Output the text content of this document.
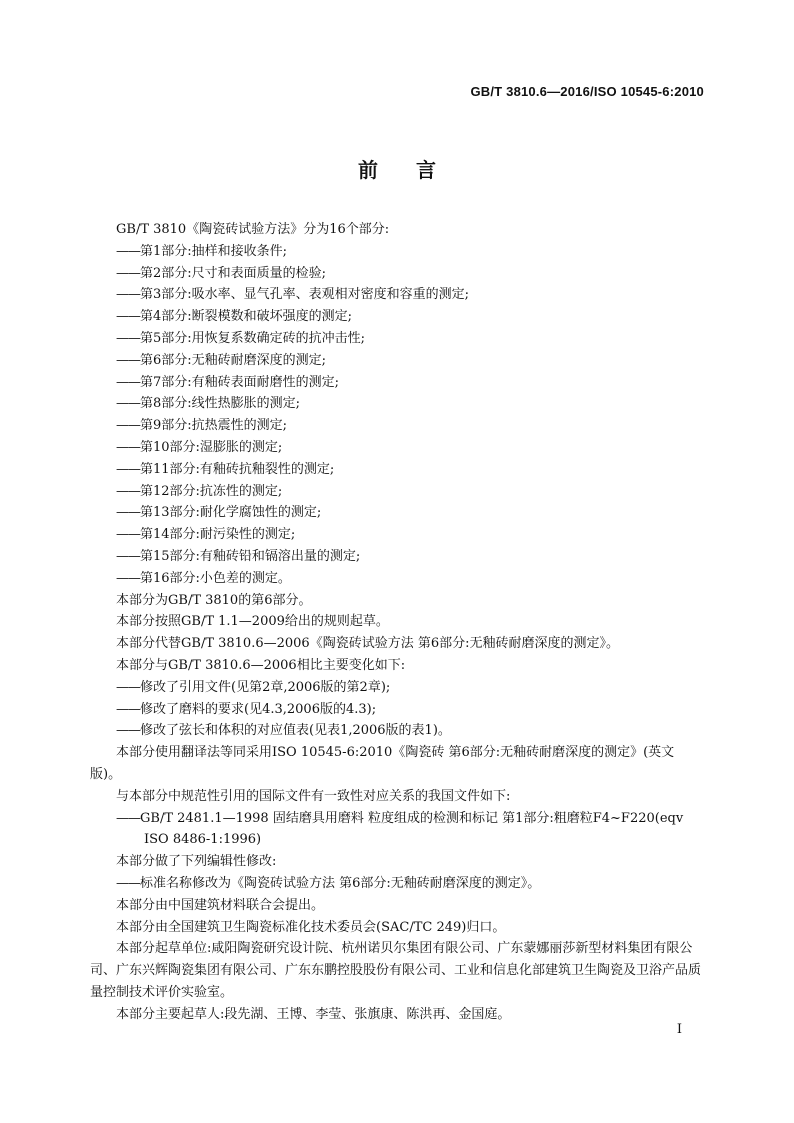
GB/T 3810.6—2016/ISO 10545-6:2010
前言

GB/T 3810《陶瓷砖试验方法》分为16个部分:

——第1部分:抽样和接收条件;

——第2部分:尺寸和表面质量的检验;

——第3部分:吸水率、显气孔率、表观相对密度和容重的测定;

——第4部分:断裂模数和破坏强度的测定;

——第5部分:用恢复系数确定砖的抗冲击性;

——第6部分:无釉砖耐磨深度的测定;

——第7部分:有釉砖表面耐磨性的测定;

——第8部分:线性热膨胀的测定;

——第9部分:抗热震性的测定;

——第10部分:湿膨胀的测定;

——第11部分:有釉砖抗釉裂性的测定;

——第12部分:抗冻性的测定;

——第13部分:耐化学腐蚀性的测定;

——第14部分:耐污染性的测定;

——第15部分:有釉砖铅和镉溶出量的测定;

——第16部分:小色差的测定。

本部分为GB/T 3810的第6部分。

本部分按照GB/T 1.1—2009给出的规则起草。

本部分代替GB/T 3810.6—2006《陶瓷砖试验方法 第6部分:无釉砖耐磨深度的测定》。

本部分与GB/T 3810.6—2006相比主要变化如下:

——修改了引用文件(见第2章,2006版的第2章);

——修改了磨料的要求(见4.3,2006版的4.3);

——修改了弦长和体积的对应值表(见表1,2006版的表1)。

本部分使用翻译法等同采用ISO 10545-6:2010《陶瓷砖 第6部分:无釉砖耐磨深度的测定》(英文版)。

与本部分中规范性引用的国际文件有一致性对应关系的我国文件如下:

——GB/T 2481.1—1998 固结磨具用磨料 粒度组成的检测和标记 第1部分:粗磨粒F4~F220(eqv ISO 8486-1:1996)

本部分做了下列编辑性修改:

——标准名称修改为《陶瓷砖试验方法 第6部分:无釉砖耐磨深度的测定》。

本部分由中国建筑材料联合会提出。

本部分由全国建筑卫生陶瓷标准化技术委员会(SAC/TC 249)归口。

本部分起草单位:咸阳陶瓷研究设计院、杭州诺贝尔集团有限公司、广东蒙娜丽莎新型材料集团有限公司、广东兴辉陶瓷集团有限公司、广东东鹏控股股份有限公司、工业和信息化部建筑卫生陶瓷及卫浴产品质量控制技术评价实验室。

本部分主要起草人:段先湖、王博、李莹、张旗康、陈洪再、金国庭。

I
